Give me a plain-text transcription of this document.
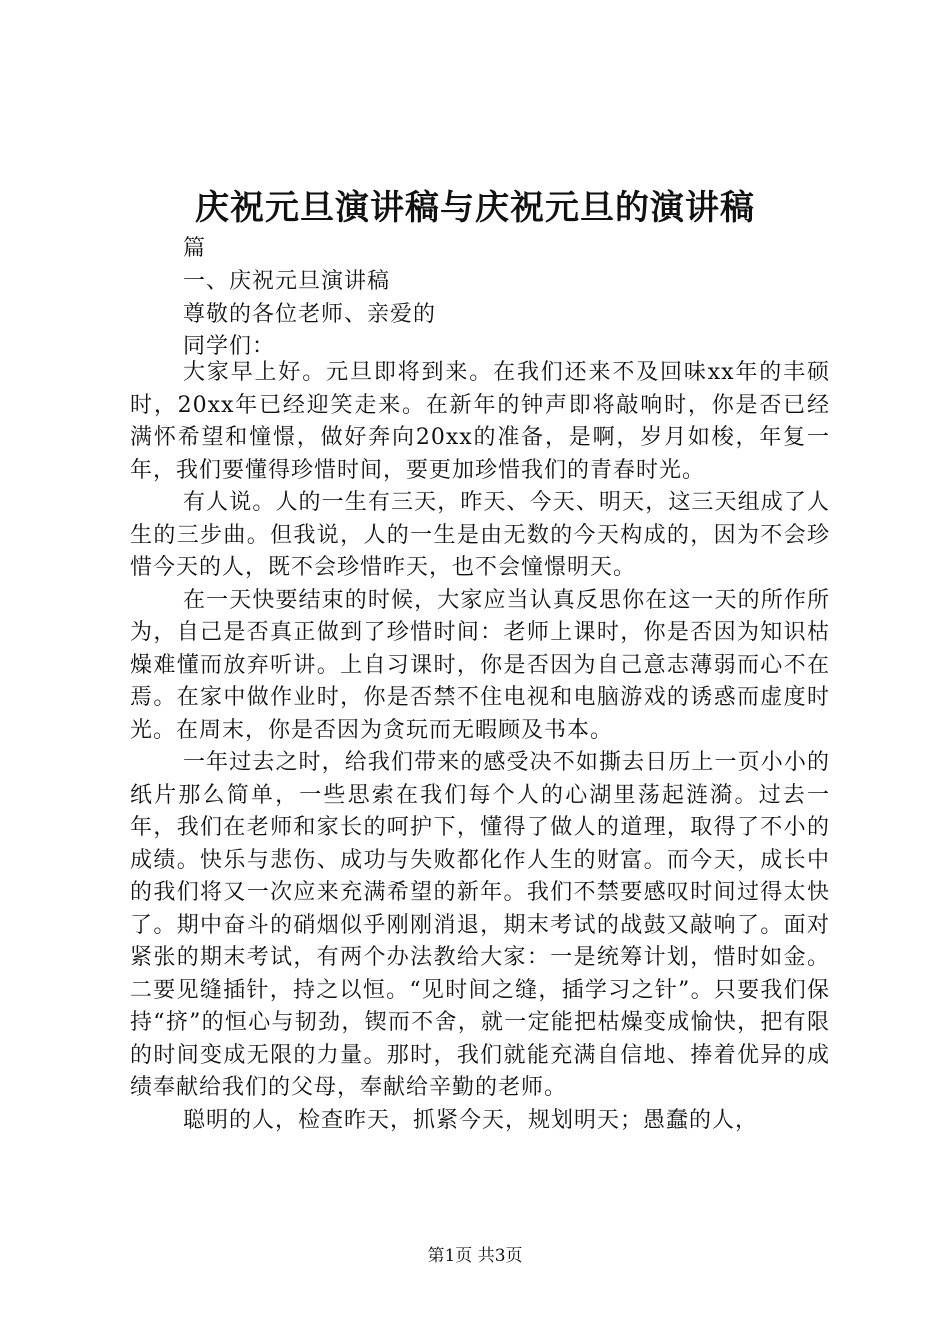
庆祝元旦演讲稿与庆祝元旦的演讲稿
篇
一、庆祝元旦演讲稿
尊敬的各位老师、亲爱的
同学们：

大家早上好。元旦即将到来。在我们还来不及回味xx年的丰硕时，20xx年已经迎笑走来。在新年的钟声即将敲响时，你是否已经满怀希望和憧憬，做好奔向20xx的准备，是啊，岁月如梭，年复一年，我们要懂得珍惜时间，要更加珍惜我们的青春时光。

有人说。人的一生有三天，昨天、今天、明天，这三天组成了人生的三步曲。但我说，人的一生是由无数的今天构成的，因为不会珍惜今天的人，既不会珍惜昨天，也不会憧憬明天。

在一天快要结束的时候，大家应当认真反思你在这一天的所作所为，自己是否真正做到了珍惜时间：老师上课时，你是否因为知识枯燥难懂而放弃听讲。上自习课时，你是否因为自己意志薄弱而心不在焉。在家中做作业时，你是否禁不住电视和电脑游戏的诱惑而虚度时光。在周末，你是否因为贪玩而无暇顾及书本。

一年过去之时，给我们带来的感受决不如撕去日历上一页小小的纸片那么简单，一些思索在我们每个人的心湖里荡起涟漪。过去一年，我们在老师和家长的呵护下，懂得了做人的道理，取得了不小的成绩。快乐与悲伤、成功与失败都化作人生的财富。而今天，成长中的我们将又一次应来充满希望的新年。我们不禁要感叹时间过得太快了。期中奋斗的硝烟似乎刚刚消退，期末考试的战鼓又敲响了。面对紧张的期末考试，有两个办法教给大家：一是统筹计划，惜时如金。二要见缝插针，持之以恒。“见时间之缝，插学习之针”。只要我们保持“挤”的恒心与韧劲，锲而不舍，就一定能把枯燥变成愉快，把有限的时间变成无限的力量。那时，我们就能充满自信地、捧着优异的成绩奉献给我们的父母，奉献给辛勤的老师。

聪明的人，检查昨天，抓紧今天，规划明天；愚蠢的人，

第1页 共3页
